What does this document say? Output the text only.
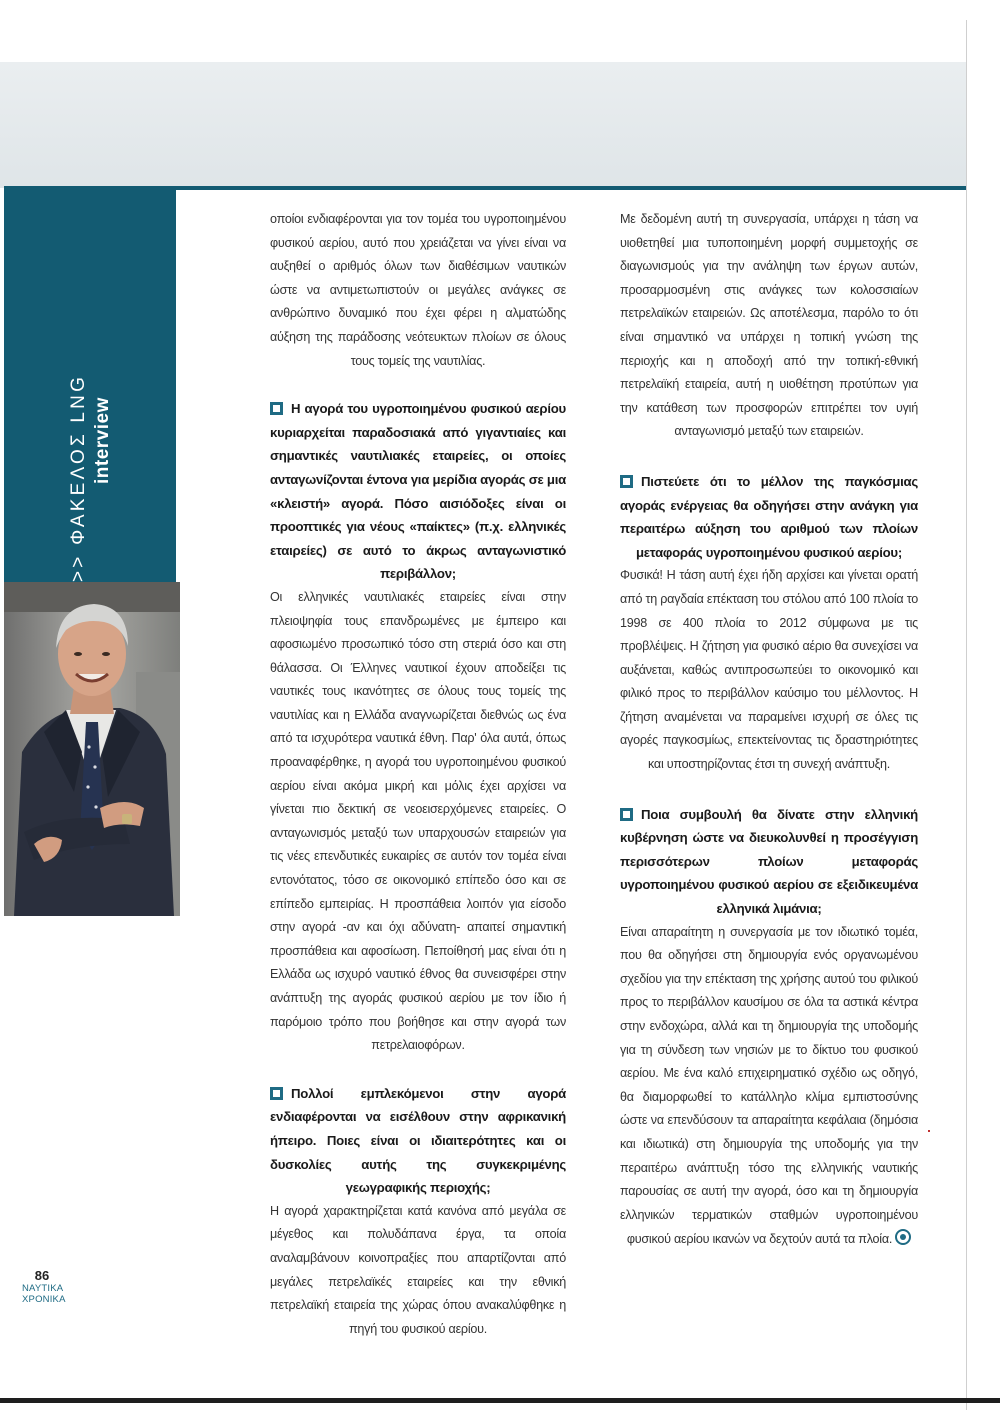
>> ΦΑΚΕΛΟΣ LNG interview

οποίοι ενδιαφέρονται για τον τομέα του υγροποιημένου φυσικού αερίου, αυτό που χρειάζεται να γίνει είναι να αυξηθεί ο αριθμός όλων των διαθέσιμων ναυτικών ώστε να αντιμετωπιστούν οι μεγάλες ανάγκες σε ανθρώπινο δυναμικό που έχει φέρει η αλματώδης αύξηση της παράδοσης νεότευκτων πλοίων σε όλους τους τομείς της ναυτιλίας.

Η αγορά του υγροποιημένου φυσικού αερίου κυριαρχείται παραδοσιακά από γιγαντιαίες και σημαντικές ναυτιλιακές εταιρείες, οι οποίες ανταγωνίζονται έντονα για μερίδια αγοράς σε μια «κλειστή» αγορά. Πόσο αισιόδοξες είναι οι προοπτικές για νέους «παίκτες» (π.χ. ελληνικές εταιρείες) σε αυτό το άκρως ανταγωνιστικό περιβάλλον;

Οι ελληνικές ναυτιλιακές εταιρείες είναι στην πλειοψηφία τους επανδρωμένες με έμπειρο και αφοσιωμένο προσωπικό τόσο στη στεριά όσο και στη θάλασσα. Οι Έλληνες ναυτικοί έχουν αποδείξει τις ναυτικές τους ικανότητες σε όλους τους τομείς της ναυτιλίας και η Ελλάδα αναγνωρίζεται διεθνώς ως ένα από τα ισχυρότερα ναυτικά έθνη. Παρ' όλα αυτά, όπως προαναφέρθηκε, η αγορά του υγροποιημένου φυσικού αερίου είναι ακόμα μικρή και μόλις έχει αρχίσει να γίνεται πιο δεκτική σε νεοεισερχόμενες εταιρείες. Ο ανταγωνισμός μεταξύ των υπαρχουσών εταιρειών για τις νέες επενδυτικές ευκαιρίες σε αυτόν τον τομέα είναι εντονότατος, τόσο σε οικονομικό επίπεδο όσο και σε επίπεδο εμπειρίας. Η προσπάθεια λοιπόν για είσοδο στην αγορά -αν και όχι αδύνατη- απαιτεί σημαντική προσπάθεια και αφοσίωση. Πεποίθησή μας είναι ότι η Ελλάδα ως ισχυρό ναυτικό έθνος θα συνεισφέρει στην ανάπτυξη της αγοράς φυσικού αερίου με τον ίδιο ή παρόμοιο τρόπο που βοήθησε και στην αγορά των πετρελαιοφόρων.

Πολλοί εμπλεκόμενοι στην αγορά ενδιαφέρονται να εισέλθουν στην αφρικανική ήπειρο. Ποιες είναι οι ιδιαιτερότητες και οι δυσκολίες αυτής της συγκεκριμένης γεωγραφικής περιοχής;

Η αγορά χαρακτηρίζεται κατά κανόνα από μεγάλα σε μέγεθος και πολυδάπανα έργα, τα οποία αναλαμβάνουν κοινοπραξίες που απαρτίζονται από μεγάλες πετρελαϊκές εταιρείες και την εθνική πετρελαϊκή εταιρεία της χώρας όπου ανακαλύφθηκε η πηγή του φυσικού αερίου.

Με δεδομένη αυτή τη συνεργασία, υπάρχει η τάση να υιοθετηθεί μια τυποποιημένη μορφή συμμετοχής σε διαγωνισμούς για την ανάληψη των έργων αυτών, προσαρμοσμένη στις ανάγκες των κολοσσιαίων πετρελαϊκών εταιρειών. Ως αποτέλεσμα, παρόλο το ότι είναι σημαντικό να υπάρχει η τοπική γνώση της περιοχής και η αποδοχή από την τοπική-εθνική πετρελαϊκή εταιρεία, αυτή η υιοθέτηση προτύπων για την κατάθεση των προσφορών επιτρέπει τον υγιή ανταγωνισμό μεταξύ των εταιρειών.

Πιστεύετε ότι το μέλλον της παγκόσμιας αγοράς ενέργειας θα οδηγήσει στην ανάγκη για περαιτέρω αύξηση του αριθμού των πλοίων μεταφοράς υγροποιημένου φυσικού αερίου;

Φυσικά! Η τάση αυτή έχει ήδη αρχίσει και γίνεται ορατή από τη ραγδαία επέκταση του στόλου από 100 πλοία το 1998 σε 400 πλοία το 2012 σύμφωνα με τις προβλέψεις. Η ζήτηση για φυσικό αέριο θα συνεχίσει να αυξάνεται, καθώς αντιπροσωπεύει το οικονομικό και φιλικό προς το περιβάλλον καύσιμο του μέλλοντος. Η ζήτηση αναμένεται να παραμείνει ισχυρή σε όλες τις αγορές παγκοσμίως, επεκτείνοντας τις δραστηριότητες και υποστηρίζοντας έτσι τη συνεχή ανάπτυξη.

Ποια συμβουλή θα δίνατε στην ελληνική κυβέρνηση ώστε να διευκολυνθεί η προσέγγιση περισσότερων πλοίων μεταφοράς υγροποιημένου φυσικού αερίου σε εξειδικευμένα ελληνικά λιμάνια;

Είναι απαραίτητη η συνεργασία με τον ιδιωτικό τομέα, που θα οδηγήσει στη δημιουργία ενός οργανωμένου σχεδίου για την επέκταση της χρήσης αυτού του φιλικού προς το περιβάλλον καυσίμου σε όλα τα αστικά κέντρα στην ενδοχώρα, αλλά και τη δημιουργία της υποδομής για τη σύνδεση των νησιών με το δίκτυο του φυσικού αερίου. Με ένα καλό επιχειρηματικό σχέδιο ως οδηγό, θα διαμορφωθεί το κατάλληλο κλίμα εμπιστοσύνης ώστε να επενδύσουν τα απαραίτητα κεφάλαια (δημόσια και ιδιωτικά) στη δημιουργία της υποδομής για την περαιτέρω ανάπτυξη τόσο της ελληνικής ναυτικής παρουσίας σε αυτή την αγορά, όσο και τη δημιουργία ελληνικών τερματικών σταθμών υγροποιημένου φυσικού αερίου ικανών να δεχτούν αυτά τα πλοία.

86
ΝΑΥΤΙΚΑ
ΧΡΟΝΙΚΑ
